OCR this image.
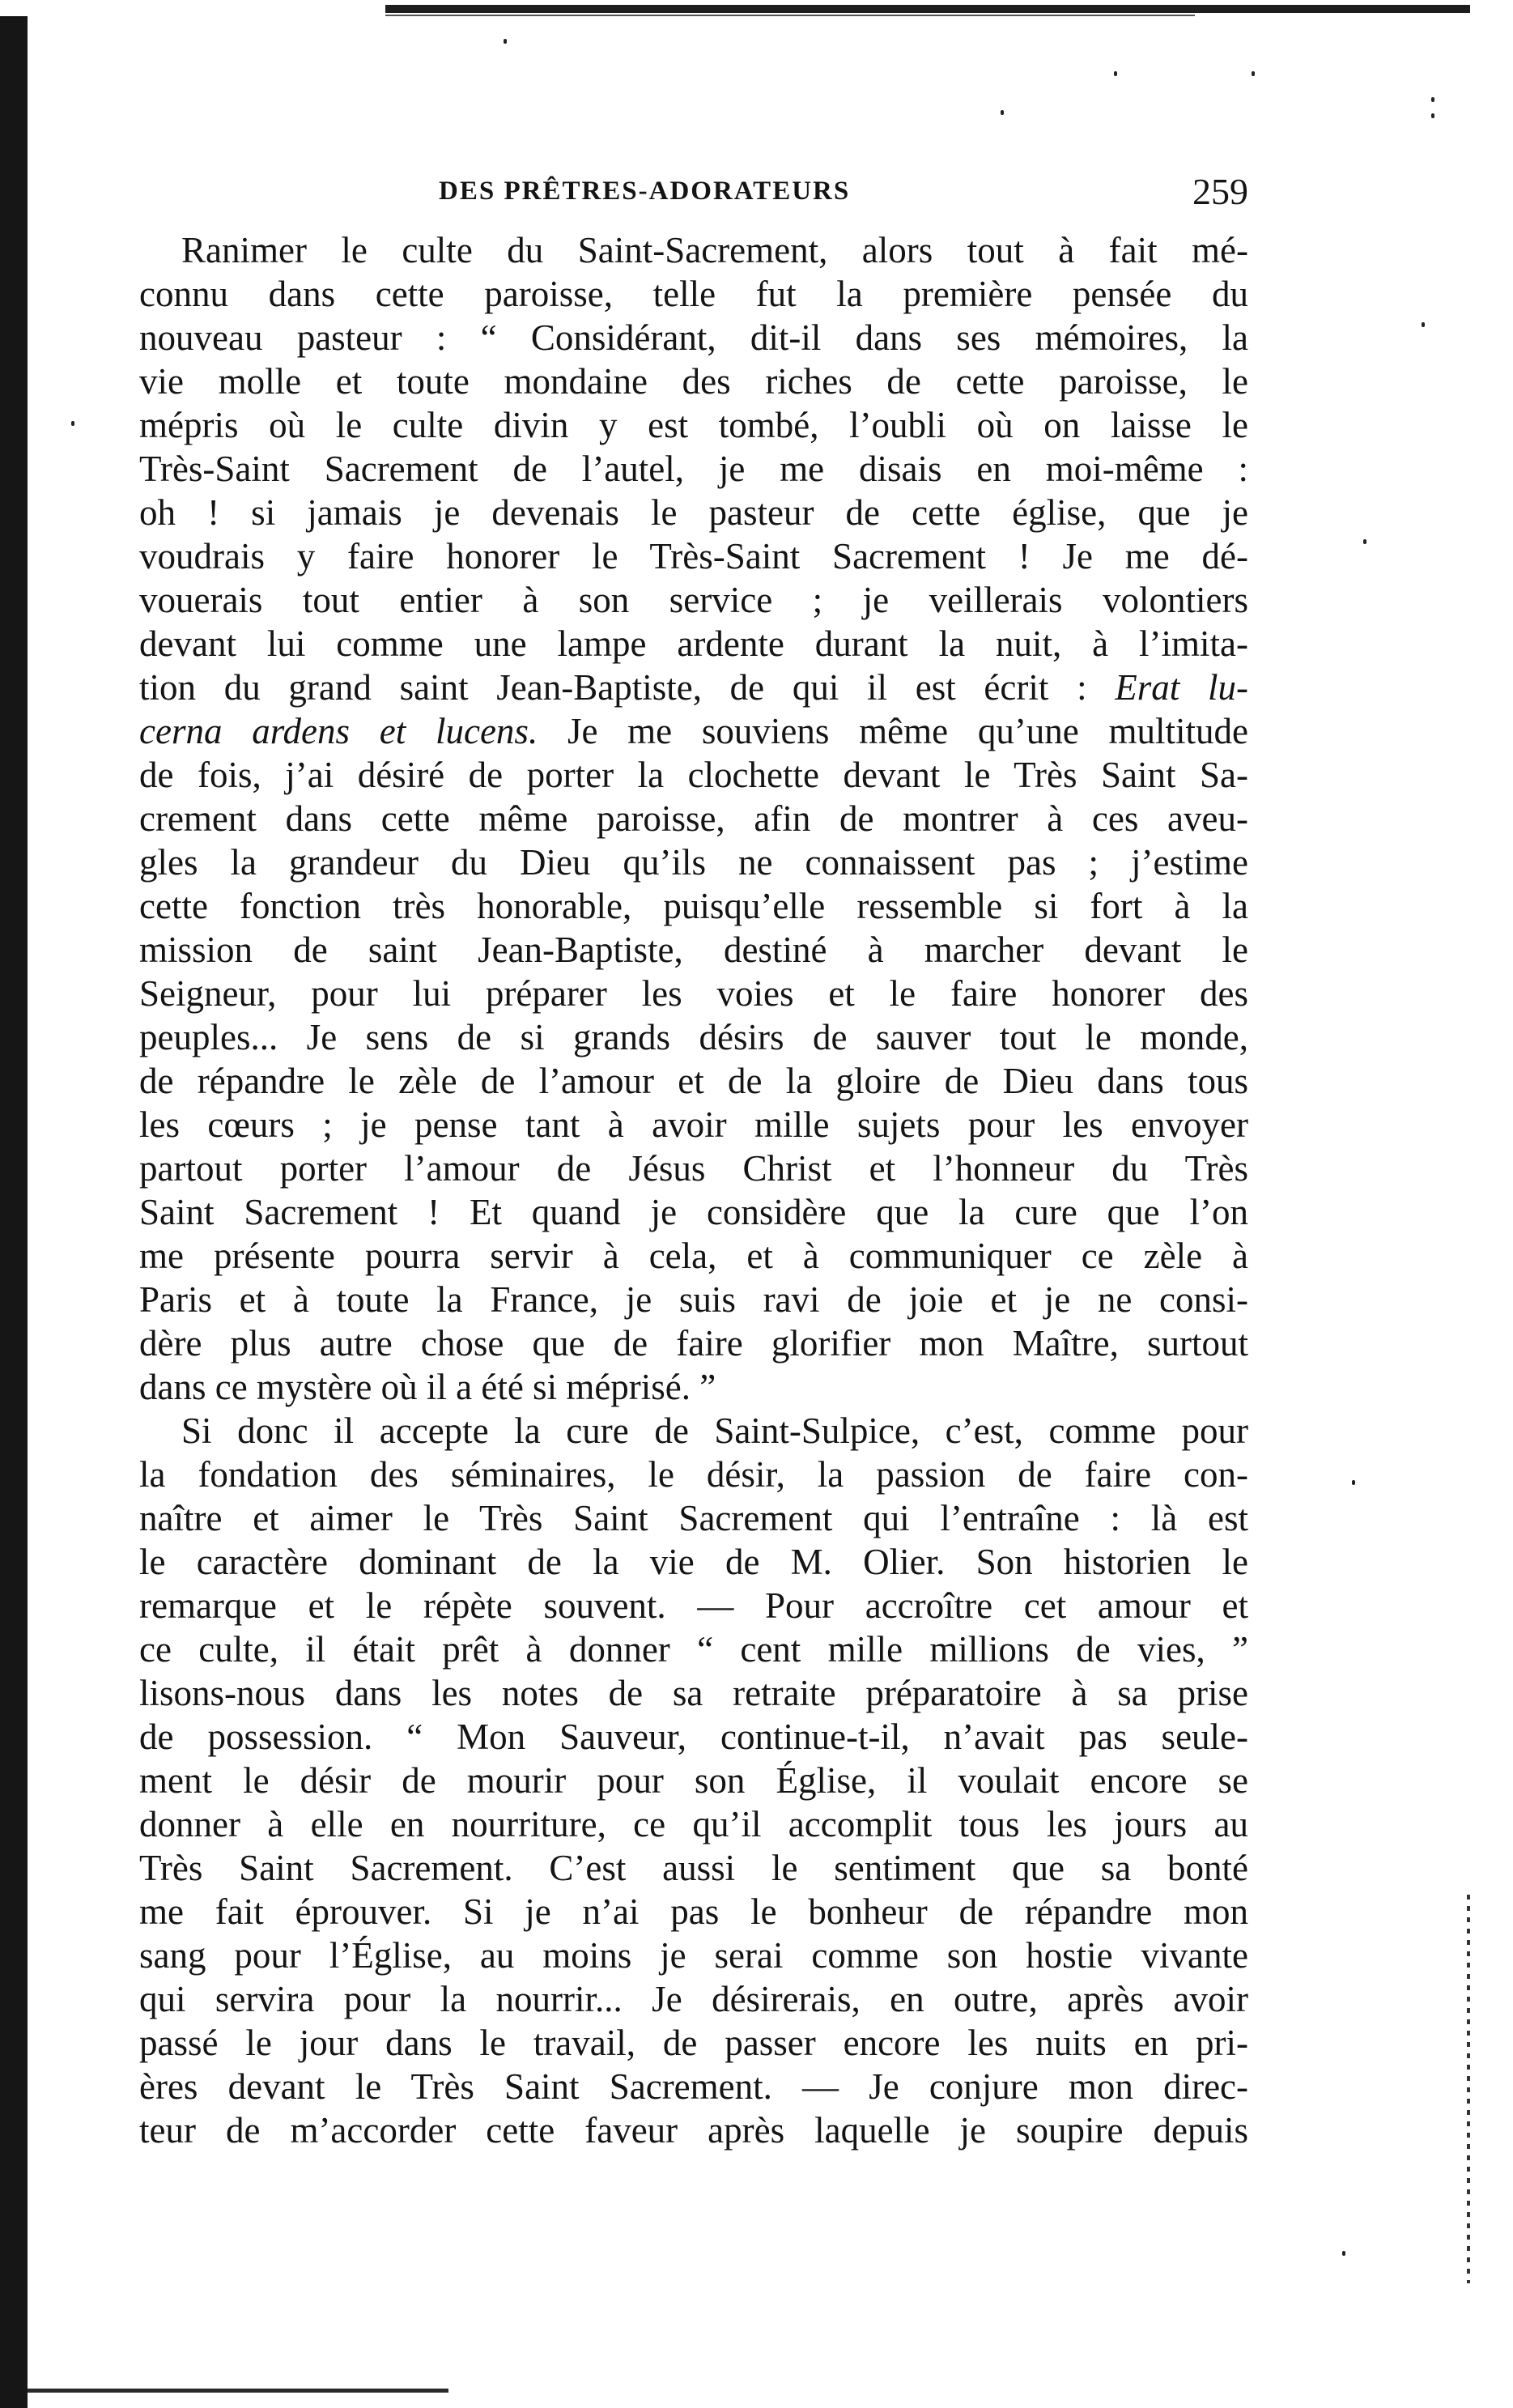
DES PRÊTRES-ADORATEURS	259
Ranimer le culte du Saint-Sacrement, alors tout à fait mé-
connu dans cette paroisse, telle fut la première pensée du
nouveau pasteur : “ Considérant, dit-il dans ses mémoires, la
vie molle et toute mondaine des riches de cette paroisse, le
mépris où le culte divin y est tombé, l’oubli où on laisse le
Très-Saint Sacrement de l’autel, je me disais en moi-même :
oh ! si jamais je devenais le pasteur de cette église, que je
voudrais y faire honorer le Très-Saint Sacrement ! Je me dé-
vouerais tout entier à son service ; je veillerais volontiers
devant lui comme une lampe ardente durant la nuit, à l’imita-
tion du grand saint Jean-Baptiste, de qui il est écrit : Erat lu-
cerna ardens et lucens. Je me souviens même qu’une multitude
de fois, j’ai désiré de porter la clochette devant le Très Saint Sa-
crement dans cette même paroisse, afin de montrer à ces aveu-
gles la grandeur du Dieu qu’ils ne connaissent pas ; j’estime
cette fonction très honorable, puisqu’elle ressemble si fort à la
mission de saint Jean-Baptiste, destiné à marcher devant le
Seigneur, pour lui préparer les voies et le faire honorer des
peuples... Je sens de si grands désirs de sauver tout le monde,
de répandre le zèle de l’amour et de la gloire de Dieu dans tous
les cœurs ; je pense tant à avoir mille sujets pour les envoyer
partout porter l’amour de Jésus Christ et l’honneur du Très
Saint Sacrement ! Et quand je considère que la cure que l’on
me présente pourra servir à cela, et à communiquer ce zèle à
Paris et à toute la France, je suis ravi de joie et je ne consi-
dère plus autre chose que de faire glorifier mon Maître, surtout
dans ce mystère où il a été si méprisé. ”
Si donc il accepte la cure de Saint-Sulpice, c’est, comme pour
la fondation des séminaires, le désir, la passion de faire con-
naître et aimer le Très Saint Sacrement qui l’entraîne : là est
le caractère dominant de la vie de M. Olier. Son historien le
remarque et le répète souvent. — Pour accroître cet amour et
ce culte, il était prêt à donner “ cent mille millions de vies, ”
lisons-nous dans les notes de sa retraite préparatoire à sa prise
de possession. “ Mon Sauveur, continue-t-il, n’avait pas seule-
ment le désir de mourir pour son Église, il voulait encore se
donner à elle en nourriture, ce qu’il accomplit tous les jours au
Très Saint Sacrement. C’est aussi le sentiment que sa bonté
me fait éprouver. Si je n’ai pas le bonheur de répandre mon
sang pour l’Église, au moins je serai comme son hostie vivante
qui servira pour la nourrir... Je désirerais, en outre, après avoir
passé le jour dans le travail, de passer encore les nuits en pri-
ères devant le Très Saint Sacrement. — Je conjure mon direc-
teur de m’accorder cette faveur après laquelle je soupire depuis
